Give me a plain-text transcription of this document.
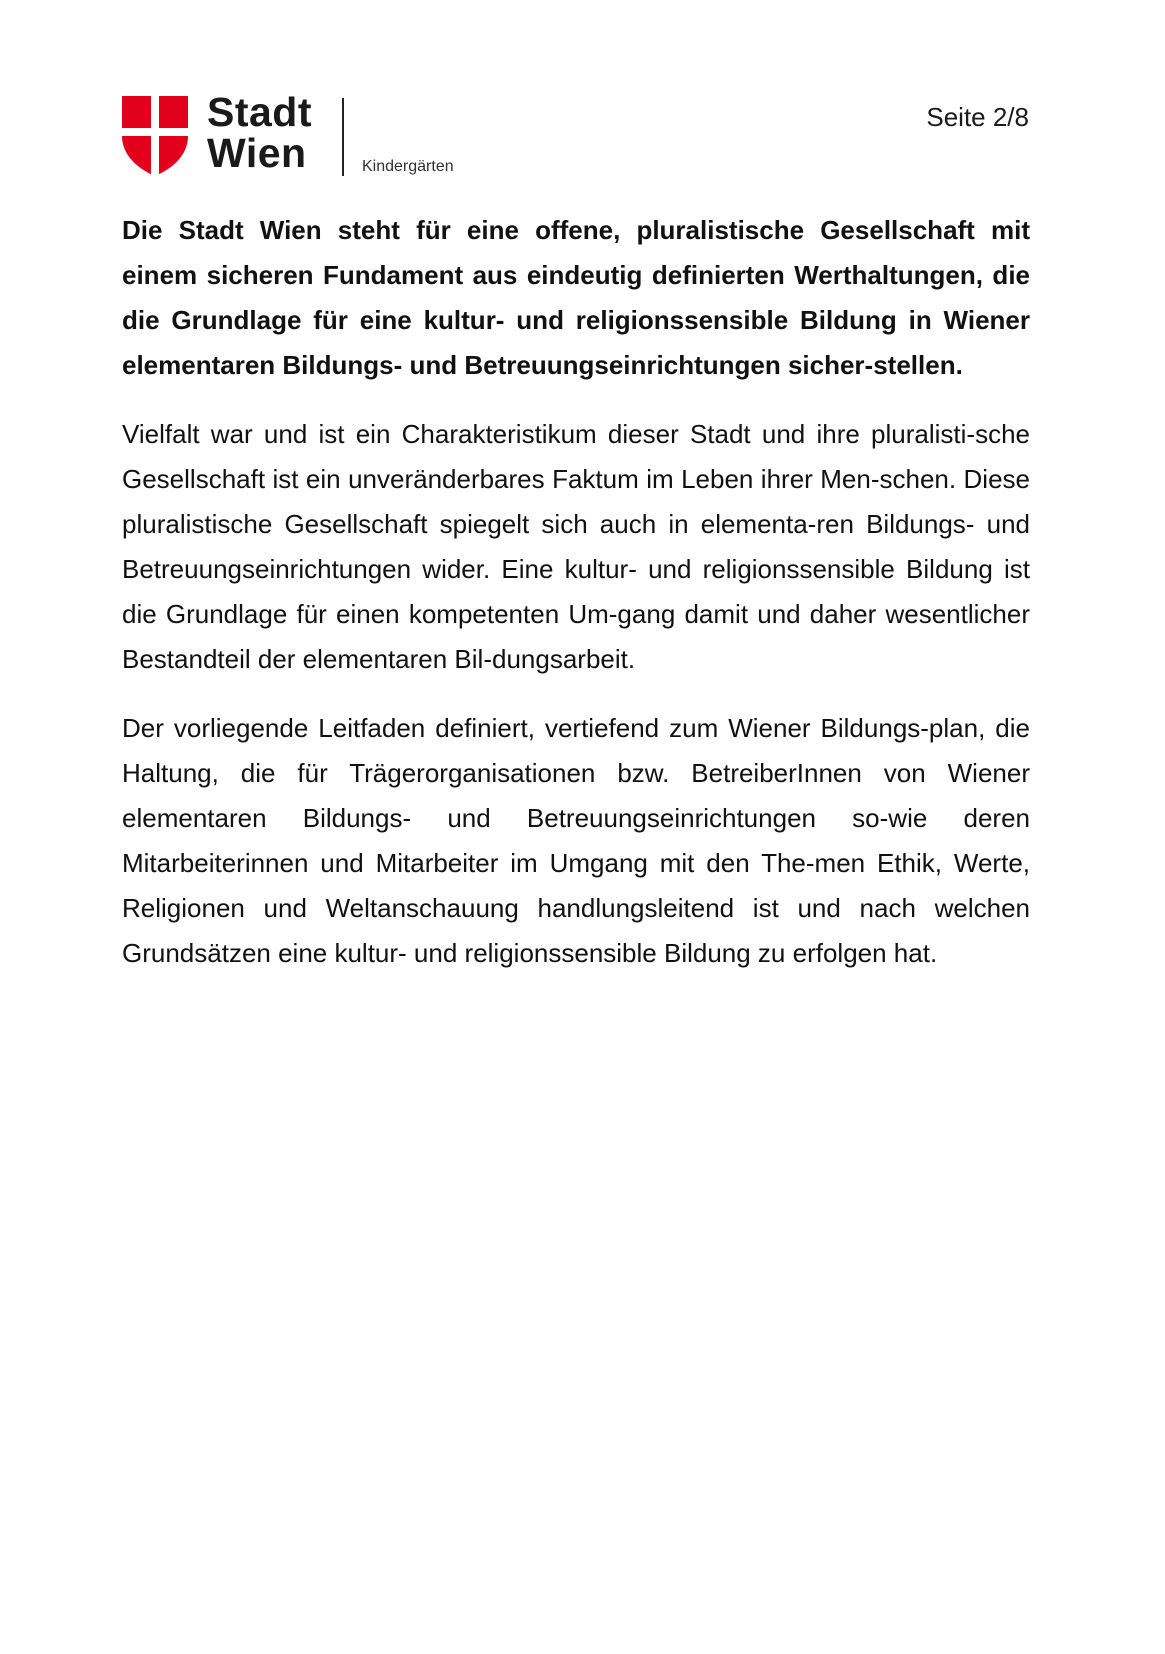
Stadt
Wien	Kindergärten
Seite 2/8

Die Stadt Wien steht für eine offene, pluralistische Gesellschaft mit einem sicheren Fundament aus eindeutig definierten Werthaltungen, die die Grundlage für eine kultur- und religionssensible Bildung in Wiener elementaren Bildungs- und Betreuungseinrichtungen sicher-stellen.

Vielfalt war und ist ein Charakteristikum dieser Stadt und ihre pluralisti-sche Gesellschaft ist ein unveränderbares Faktum im Leben ihrer Men-schen. Diese pluralistische Gesellschaft spiegelt sich auch in elementa-ren Bildungs- und Betreuungseinrichtungen wider. Eine kultur- und religionssensible Bildung ist die Grundlage für einen kompetenten Um-gang damit und daher wesentlicher Bestandteil der elementaren Bil-dungsarbeit.

Der vorliegende Leitfaden definiert, vertiefend zum Wiener Bildungs-plan, die Haltung, die für Trägerorganisationen bzw. BetreiberInnen von Wiener elementaren Bildungs- und Betreuungseinrichtungen so-wie deren Mitarbeiterinnen und Mitarbeiter im Umgang mit den The-men Ethik, Werte, Religionen und Weltanschauung handlungsleitend ist und nach welchen Grundsätzen eine kultur- und religionssensible Bildung zu erfolgen hat.
